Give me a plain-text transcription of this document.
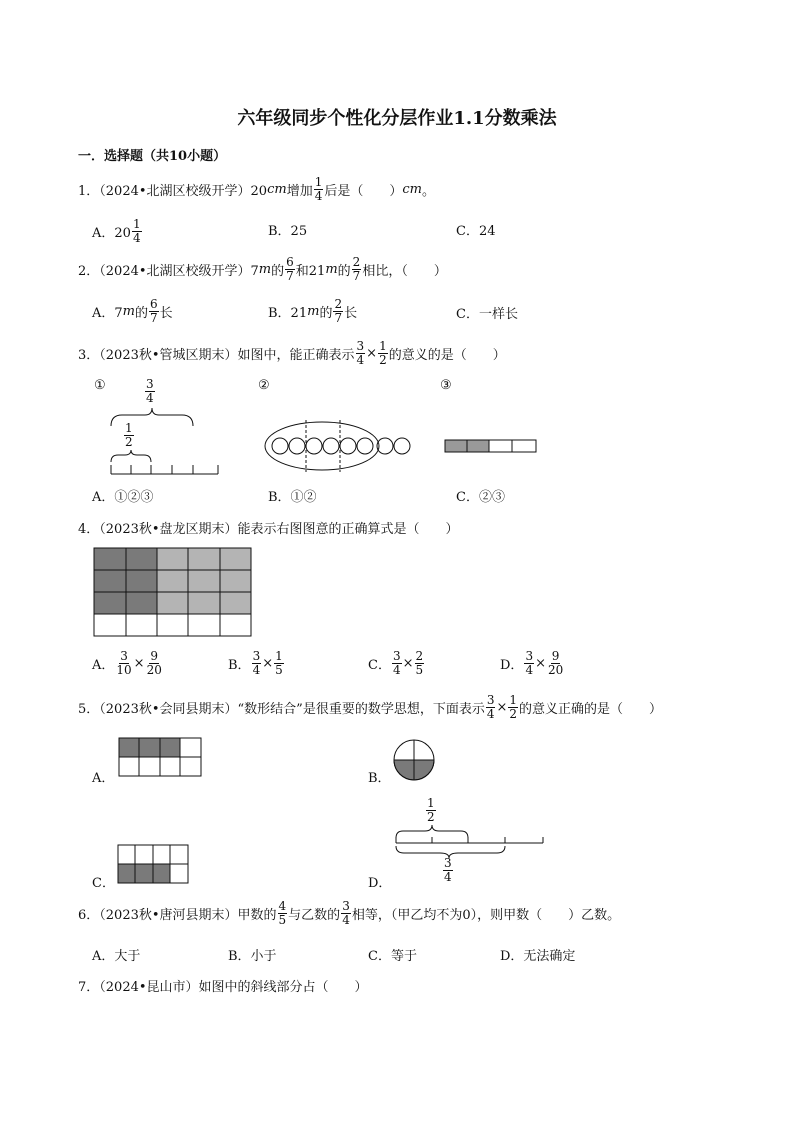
六年级同步个性化分层作业1.1分数乘法
一．选择题（共10小题）
1．（2024•北湖区校级开学）20 cm 增加 $\frac{1}{4}$ 后是（　　） cm 。
A．$20 \frac{1}{4}$	B．25	C．24
2．（2024•北湖区校级开学）7 m 的 $\frac{6}{7}$ 和21 m 的 $\frac{2}{7}$ 相比，（　　）
A．7 m 的 $\frac{6}{7}$ 长	B．21 m 的 $\frac{2}{7}$ 长	C．一样长
3．（2023秋•管城区期末）如图中，能正确表示 $\frac{3}{4} \times \frac{1}{2}$ 的意义的是（　　）
①	②	③
$\frac{3}{4}$
$\frac{1}{2}$
A．①②③	B．①②	C．②③
4．（2023秋•盘龙区期末）能表示右图图意的正确算式是（　　）
A． $\frac{3}{10} \times \frac{9}{20}$	B． $\frac{3}{4} \times \frac{1}{5}$	C． $\frac{3}{4} \times \frac{2}{5}$	D． $\frac{3}{4} \times \frac{9}{20}$
5．（2023秋•会同县期末）“数形结合”是很重要的数学思想，下面表示 $\frac{3}{4} \times \frac{1}{2}$ 的意义正确的是（　　）
A．	B．
C．	D．
$\frac{1}{2}$
$\frac{3}{4}$
6．（2023秋•唐河县期末）甲数的 $\frac{4}{5}$ 与乙数的 $\frac{3}{4}$ 相等，（甲乙均不为0），则甲数（　　）乙数。
A．大于	B．小于	C．等于	D．无法确定
7．（2024•昆山市）如图中的斜线部分占（　　）
